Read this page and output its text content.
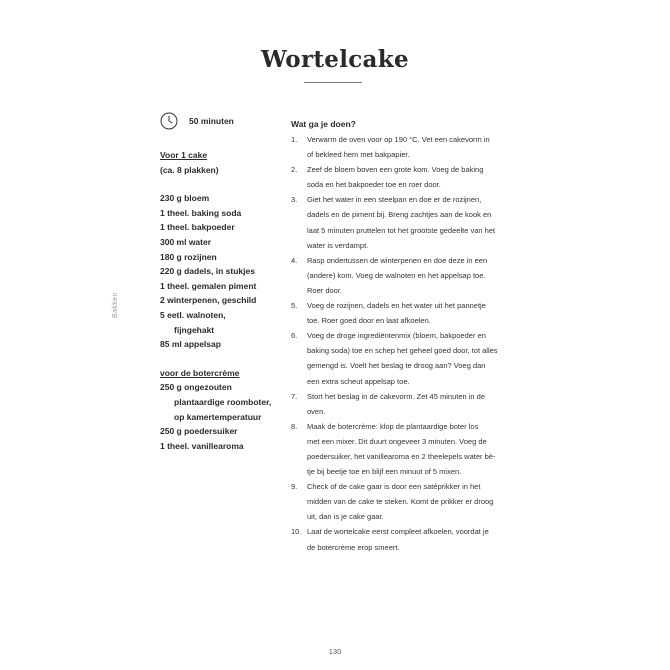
Wortelcake
Bakken
50 minuten
Voor 1 cake
(ca. 8 plakken)
230 g bloem
1 theel. baking soda
1 theel. bakpoeder
300 ml water
180 g rozijnen
220 g dadels, in stukjes
1 theel. gemalen piment
2 winterpenen, geschild
5 eetl. walnoten,
fijngehakt
85 ml appelsap
voor de botercrème
250 g ongezouten
plantaardige roomboter,
op kamertemperatuur
250 g poedersuiker
1 theel. vanillearoma
Wat ga je doen?
1. Verwarm de oven voor op 190 °C. Vet een cakevorm in
of bekleed hem met bakpapier.
2. Zeef de bloem boven een grote kom. Voeg de baking
soda en het bakpoeder toe en roer door.
3. Giet het water in een steelpan en doe er de rozijnen,
dadels en de piment bij. Breng zachtjes aan de kook en
laat 5 minuten pruttelen tot het grootste gedeelte van het
water is verdampt.
4. Rasp ondertussen de winterpenen en doe deze in een
(andere) kom. Voeg de walnoten en het appelsap toe.
Roer door.
5. Voeg de rozijnen, dadels en het water uit het pannetje
toe. Roer goed door en laat afkoelen.
6. Voeg de droge ingrediëntenmix (bloem, bakpoeder en
baking soda) toe en schep het geheel goed door, tot alles
gemengd is. Voelt het beslag te droog aan? Voeg dan
een extra scheut appelsap toe.
7. Stort het beslag in de cakevorm. Zet 45 minuten in de
oven.
8. Maak de botercrème: klop de plantaardige boter los
met een mixer. Dit duurt ongeveer 3 minuten. Voeg de
poedersuiker, het vanillearoma en 2 theelepels water bè-
tje bij beetje toe en blijf een minuut of 5 mixen.
9. Check of de cake gaar is door een satéprikker in het
midden van de cake te steken. Komt de prikker er droog
uit, dan is je cake gaar.
10. Laat de wortelcake eerst compleet afkoelen, voordat je
de botercrème erop smeert.
130
